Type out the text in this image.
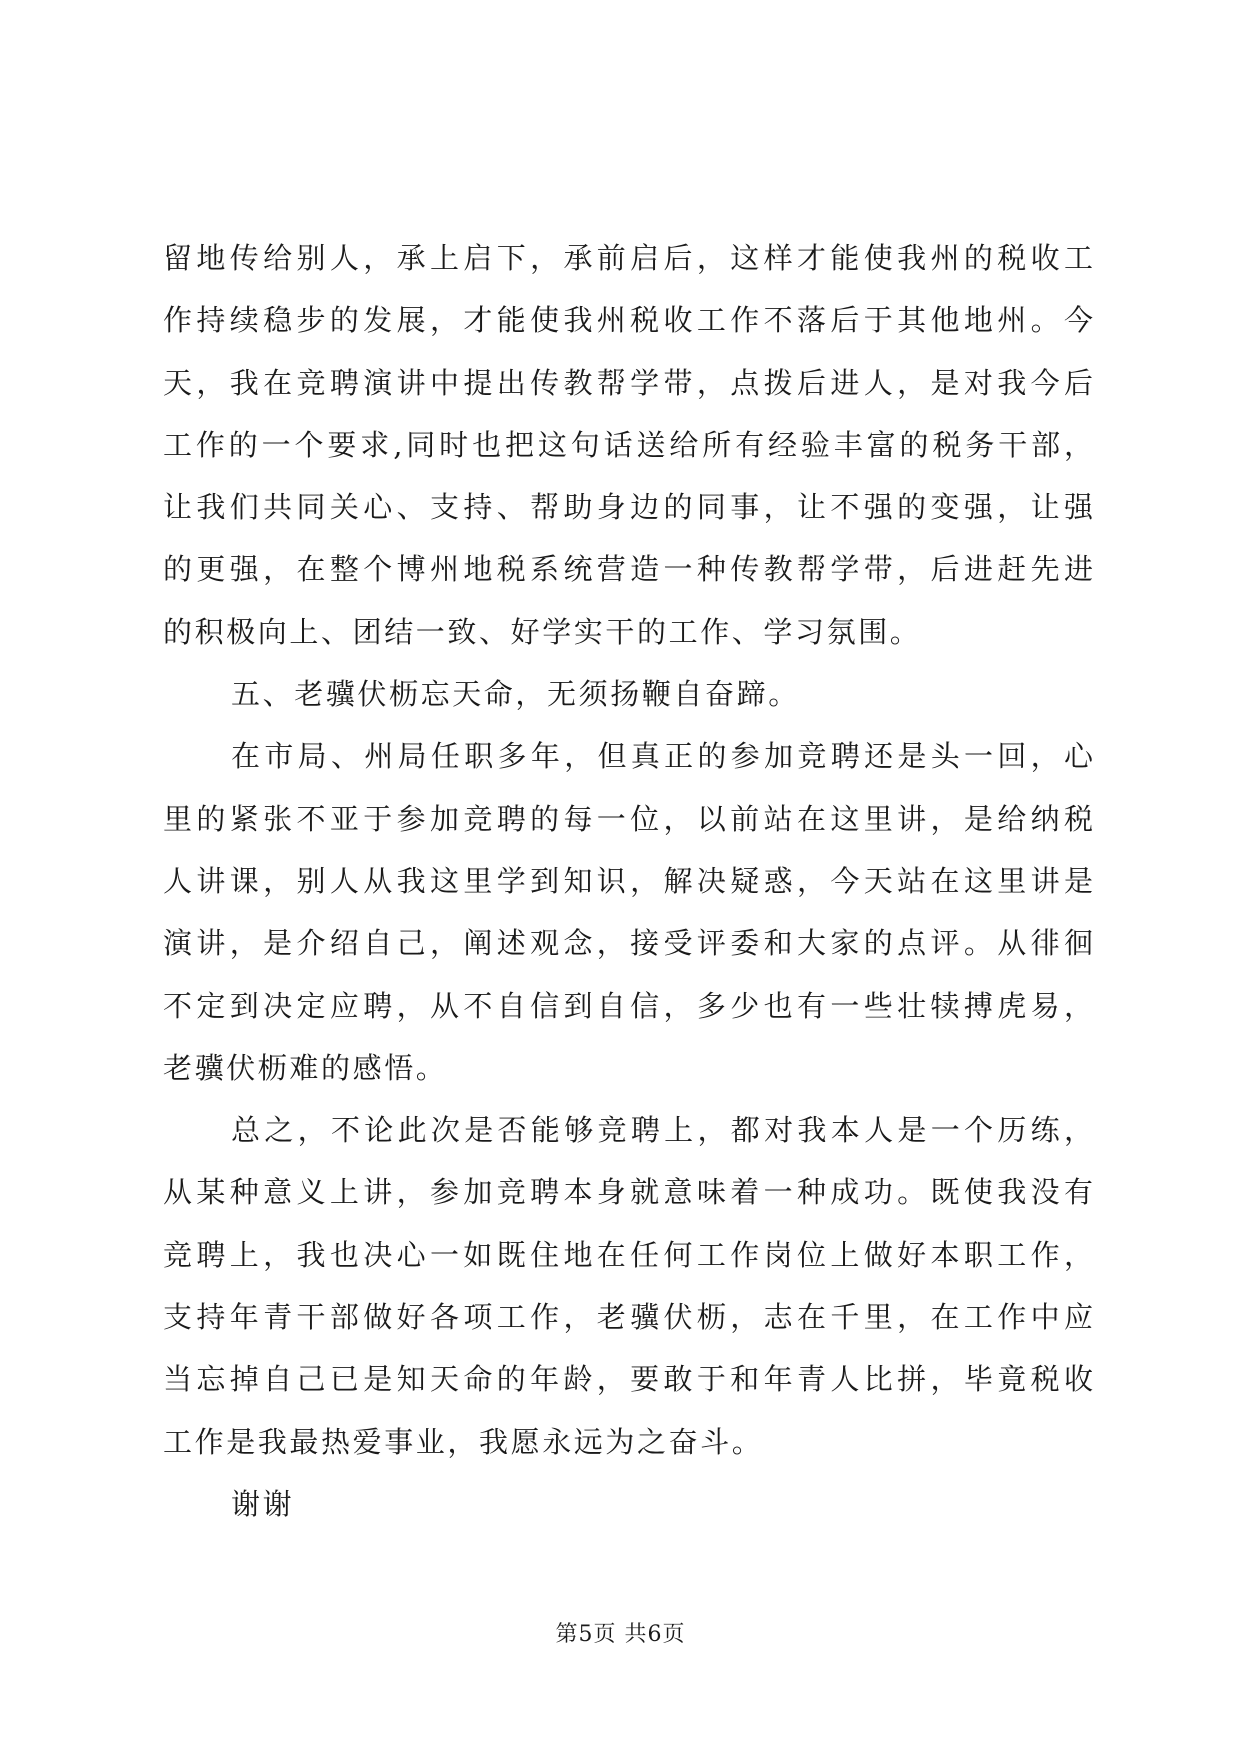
留地传给别人，承上启下，承前启后，这样才能使我州的税收工
作持续稳步的发展，才能使我州税收工作不落后于其他地州。今
天，我在竞聘演讲中提出传教帮学带，点拨后进人，是对我今后
工作的一个要求,同时也把这句话送给所有经验丰富的税务干部，
让我们共同关心、支持、帮助身边的同事，让不强的变强，让强
的更强，在整个博州地税系统营造一种传教帮学带，后进赶先进
的积极向上、团结一致、好学实干的工作、学习氛围。
五、老骥伏枥忘天命，无须扬鞭自奋蹄。
在市局、州局任职多年，但真正的参加竞聘还是头一回，心
里的紧张不亚于参加竞聘的每一位，以前站在这里讲，是给纳税
人讲课，别人从我这里学到知识，解决疑惑，今天站在这里讲是
演讲，是介绍自己，阐述观念，接受评委和大家的点评。从徘徊
不定到决定应聘，从不自信到自信，多少也有一些壮犊搏虎易，
老骥伏枥难的感悟。
总之，不论此次是否能够竞聘上，都对我本人是一个历练，
从某种意义上讲，参加竞聘本身就意味着一种成功。既使我没有
竞聘上，我也决心一如既住地在任何工作岗位上做好本职工作，
支持年青干部做好各项工作，老骥伏枥，志在千里，在工作中应
当忘掉自己已是知天命的年龄，要敢于和年青人比拼，毕竟税收
工作是我最热爱事业，我愿永远为之奋斗。
谢谢
第5页 共6页
